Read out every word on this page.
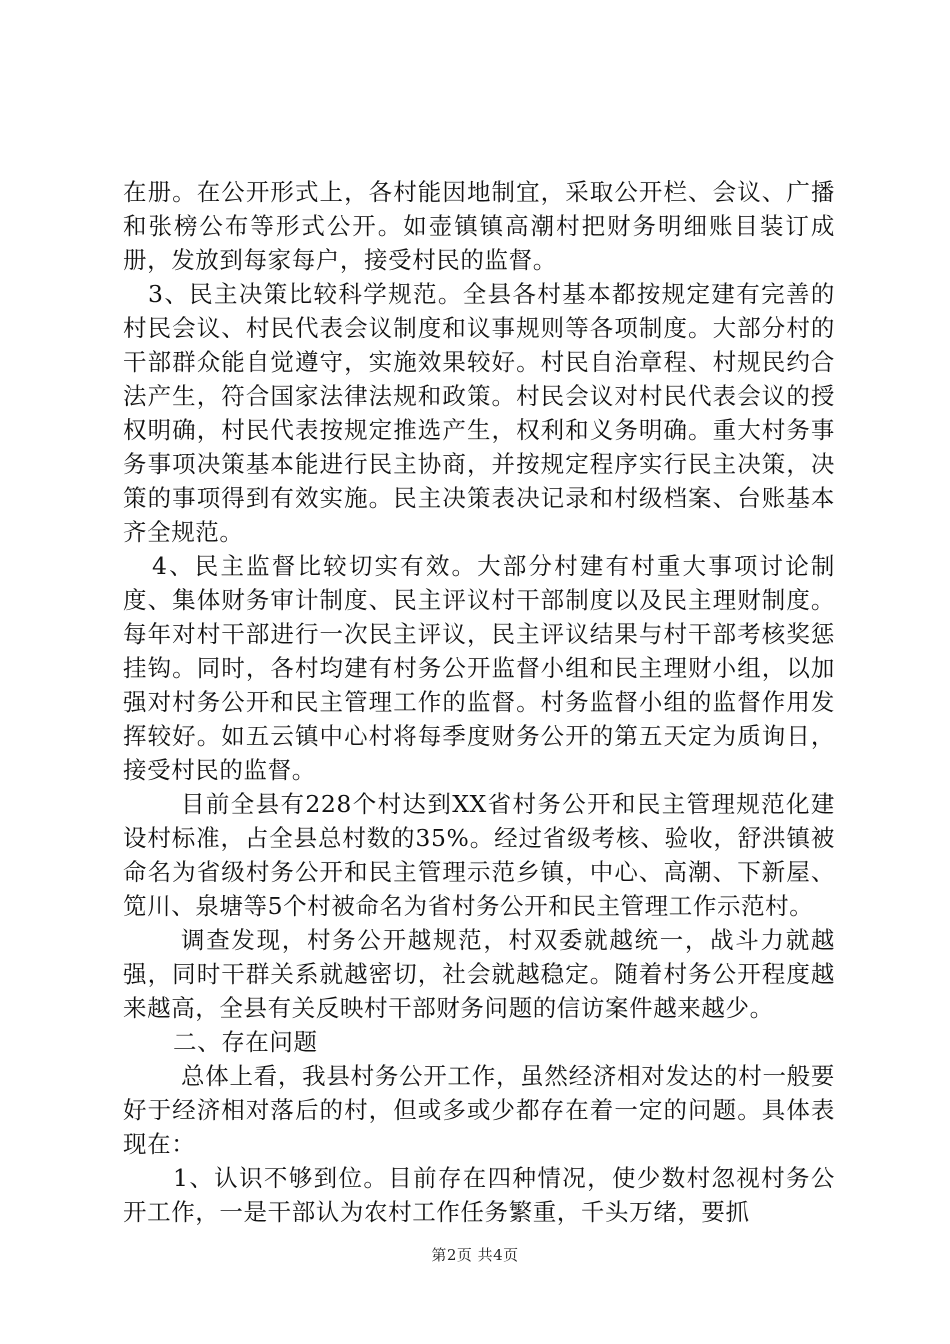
在册。在公开形式上，各村能因地制宜，采取公开栏、会议、广播和张榜公布等形式公开。如壶镇镇高潮村把财务明细账目装订成册，发放到每家每户，接受村民的监督。

3、民主决策比较科学规范。全县各村基本都按规定建有完善的村民会议、村民代表会议制度和议事规则等各项制度。大部分村的干部群众能自觉遵守，实施效果较好。村民自治章程、村规民约合法产生，符合国家法律法规和政策。村民会议对村民代表会议的授权明确，村民代表按规定推选产生，权利和义务明确。重大村务事务事项决策基本能进行民主协商，并按规定程序实行民主决策，决策的事项得到有效实施。民主决策表决记录和村级档案、台账基本齐全规范。

4、民主监督比较切实有效。大部分村建有村重大事项讨论制度、集体财务审计制度、民主评议村干部制度以及民主理财制度。每年对村干部进行一次民主评议，民主评议结果与村干部考核奖惩挂钩。同时，各村均建有村务公开监督小组和民主理财小组，以加强对村务公开和民主管理工作的监督。村务监督小组的监督作用发挥较好。如五云镇中心村将每季度财务公开的第五天定为质询日，接受村民的监督。

目前全县有228个村达到XX省村务公开和民主管理规范化建设村标准，占全县总村数的35%。经过省级考核、验收，舒洪镇被命名为省级村务公开和民主管理示范乡镇，中心、高潮、下新屋、笕川、泉塘等5个村被命名为省村务公开和民主管理工作示范村。

调查发现，村务公开越规范，村双委就越统一，战斗力就越强，同时干群关系就越密切，社会就越稳定。随着村务公开程度越来越高，全县有关反映村干部财务问题的信访案件越来越少。

二、存在问题

总体上看，我县村务公开工作，虽然经济相对发达的村一般要好于经济相对落后的村，但或多或少都存在着一定的问题。具体表现在：

1、认识不够到位。目前存在四种情况，使少数村忽视村务公开工作，一是干部认为农村工作任务繁重，千头万绪，要抓

第2页 共4页
